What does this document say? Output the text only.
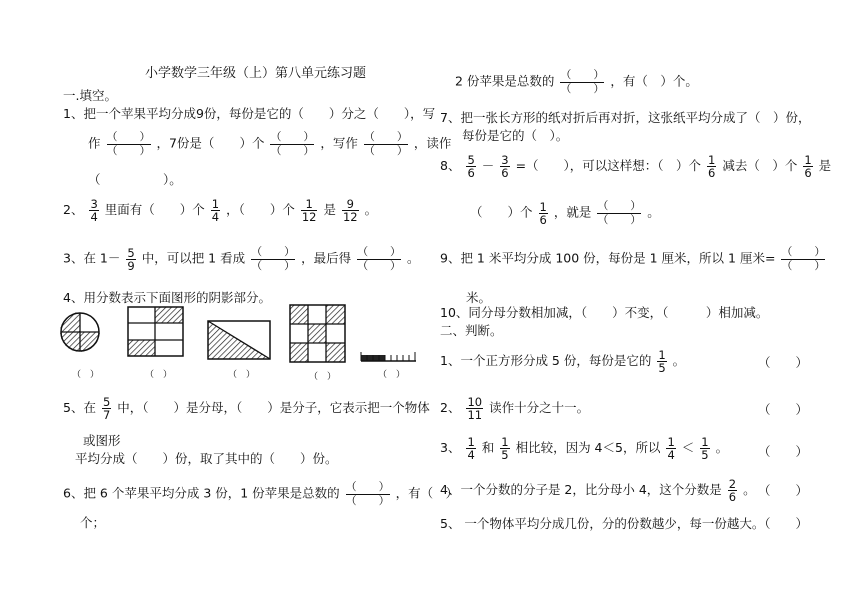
小学数学三年级（上）第八单元练习题
一.填空。
1、把一个苹果平均分成9份，每份是它的（　　）分之（　　），写
作 $\frac{( )}{( )}$ ，7份是（　　）个 $\frac{( )}{( )}$ ，写作 $\frac{( )}{( )}$ ，读作
（　　　　　）。
2、 $\frac{3}{4}$ 里面有（　　）个 $\frac{1}{4}$ ，（　　）个 $\frac{1}{12}$ 是 $\frac{9}{12}$ 。
3、在 $1- \frac{5}{9}$ 中，可以把 1 看成 $\frac{( )}{( )}$ ，最后得 $\frac{( )}{( )}$ 。
4、用分数表示下面图形的阴影部分。
（　）	（　）	（　）	（　）	（　）
5、在 $\frac{5}{7}$ 中，（　　）是分母，（　　）是分子，它表示把一个物体
或图形
平均分成（　　）份，取了其中的（　　）份。
6、把 6 个苹果平均分成 3 份，1 份苹果是总数的 $\frac{( )}{( )}$ ，有（　）
个；
2 份苹果是总数的 $\frac{( )}{( )}$ ，有（　）个。
7、把一张长方形的纸对折后再对折，这张纸平均分成了（　）份，
每份是它的（　）。
8、 $\frac{5}{6} - \frac{3}{6}$ =（　　），可以这样想：（　）个 $\frac{1}{6}$ 减去（　）个 $\frac{1}{6}$ 是
（　　）个 $\frac{1}{6}$ ，就是 $\frac{( )}{( )}$ 。
9、把 1 米平均分成 100 份，每份是 1 厘米，所以 1 厘米= $\frac{( )}{( )}$
米。
10、同分母分数相加减，（　　）不变，（　　　）相加减。
二、判断。
1、一个正方形分成 5 份，每份是它的 $\frac{1}{5}$ 。	（　　）
2、 $\frac{10}{11}$ 读作十分之十一。	（　　）
3、 $\frac{1}{4}$ 和 $\frac{1}{5}$ 相比较，因为 4＜5，所以 $\frac{1}{4} < \frac{1}{5}$ 。 （　　）
4、一个分数的分子是 2，比分母小 4，这个分数是 $\frac{2}{6}$ 。 （　　）
5、 一个物体平均分成几份，分的份数越少，每一份越大。
（　　）
